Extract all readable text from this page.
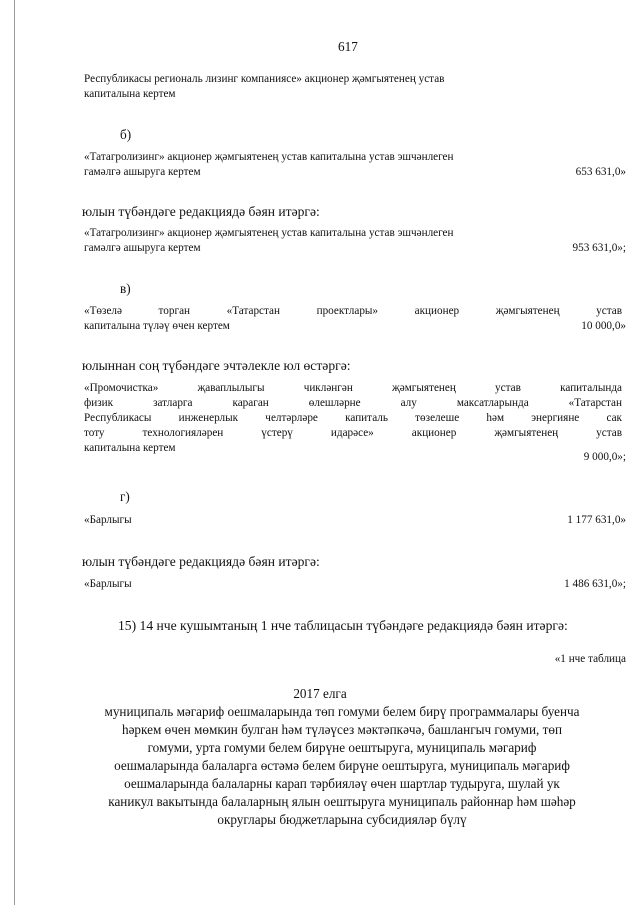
617

Республикасы региональ лизинг компаниясе» акционер җәмгыятенең устав

капиталына кертем

б)

«Татагролизинг» акционер җәмгыятенең устав капиталына устав эшчәнлеген

гамәлгә ашыруга кертем	653 631,0»
юлын түбәндәге редакциядә бәян итәргә:

«Татагролизинг» акционер җәмгыятенең устав капиталына устав эшчәнлеген

гамәлгә ашыруга кертем	953 631,0»;
в)

«Төзелә торган «Татарстан проектлары» акционер җәмгыятенең устав

капиталына түләү өчен кертем	10 000,0»
юлыннан соң түбәндәге эчтәлекле юл өстәргә:

«Промочистка» җаваплылыгы чикләнгән җәмгыятенең устав капиталында

физик затларга караган өлешләрне алу максатларында «Татарстан

Республикасы инженерлык челтәрләре капиталь төзелеше һәм энергияне сак

тоту технологияләрен үстерү идарәсе» акционер җәмгыятенең устав

капиталына кертем

9 000,0»;
г)
«Барлыгы	1 177 631,0»
юлын түбәндәге редакциядә бәян итәргә:
«Барлыгы	1 486 631,0»;
15) 14 нче кушымтаның 1 нче таблицасын түбәндәге редакциядә бәян итәргә:
«1 нче таблица
2017 елга

муниципаль мәгариф оешмаларында төп гомуми белем бирү программалары буенча

һәркем өчен мөмкин булган һәм түләүсез мәктәпкәчә, башлангыч гомуми, төп

гомуми, урта гомуми белем бирүне оештыруга, муниципаль мәгариф

оешмаларында балаларга өстәмә белем бирүне оештыруга, муниципаль мәгариф

оешмаларында балаларны карап тәрбияләү өчен шартлар тудыруга, шулай ук

каникул вакытында балаларның ялын оештыруга муниципаль районнар һәм шәһәр

округлары бюджетларына субсидияләр бүлү
